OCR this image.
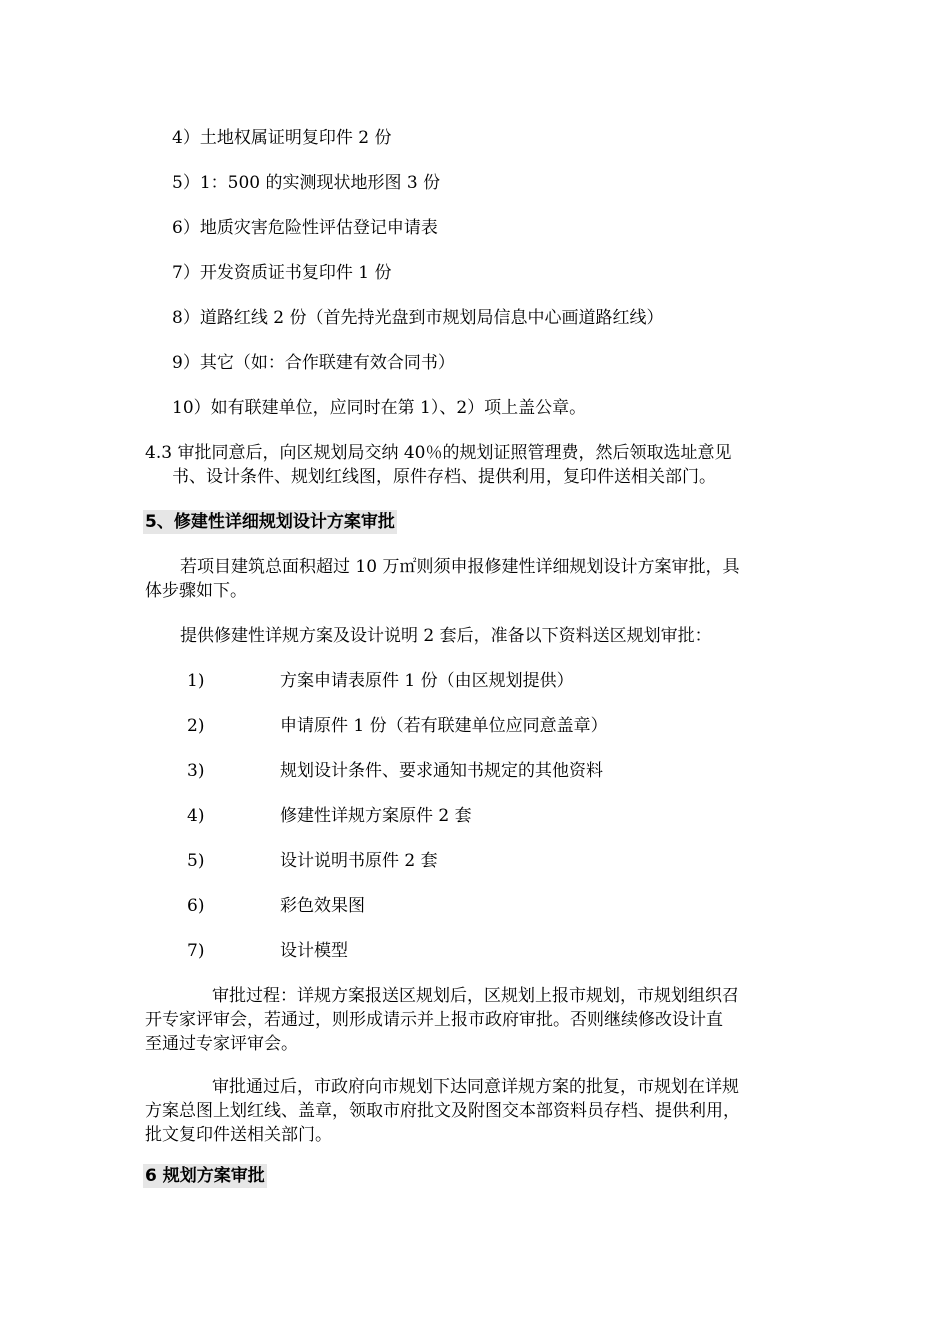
4）土地权属证明复印件 2 份
5）1：500 的实测现状地形图 3 份
6）地质灾害危险性评估登记申请表
7）开发资质证书复印件 1 份
8）道路红线 2 份（首先持光盘到市规划局信息中心画道路红线）
9）其它（如：合作联建有效合同书）
10）如有联建单位，应同时在第 1）、2）项上盖公章。
4.3 审批同意后，向区规划局交纳 40％的规划证照管理费，然后领取选址意见
书、设计条件、规划红线图，原件存档、提供利用，复印件送相关部门。
5、修建性详细规划设计方案审批
若项目建筑总面积超过 10 万㎡则须申报修建性详细规划设计方案审批，具
体步骤如下。
提供修建性详规方案及设计说明 2 套后，准备以下资料送区规划审批：
1)	方案申请表原件 1 份（由区规划提供）
2)	申请原件 1 份（若有联建单位应同意盖章）
3)	规划设计条件、要求通知书规定的其他资料
4)	修建性详规方案原件 2 套
5)	设计说明书原件 2 套
6)	彩色效果图
7)	设计模型
审批过程：详规方案报送区规划后，区规划上报市规划，市规划组织召
开专家评审会，若通过，则形成请示并上报市政府审批。否则继续修改设计直
至通过专家评审会。
审批通过后，市政府向市规划下达同意详规方案的批复，市规划在详规
方案总图上划红线、盖章，领取市府批文及附图交本部资料员存档、提供利用，
批文复印件送相关部门。
6 规划方案审批
